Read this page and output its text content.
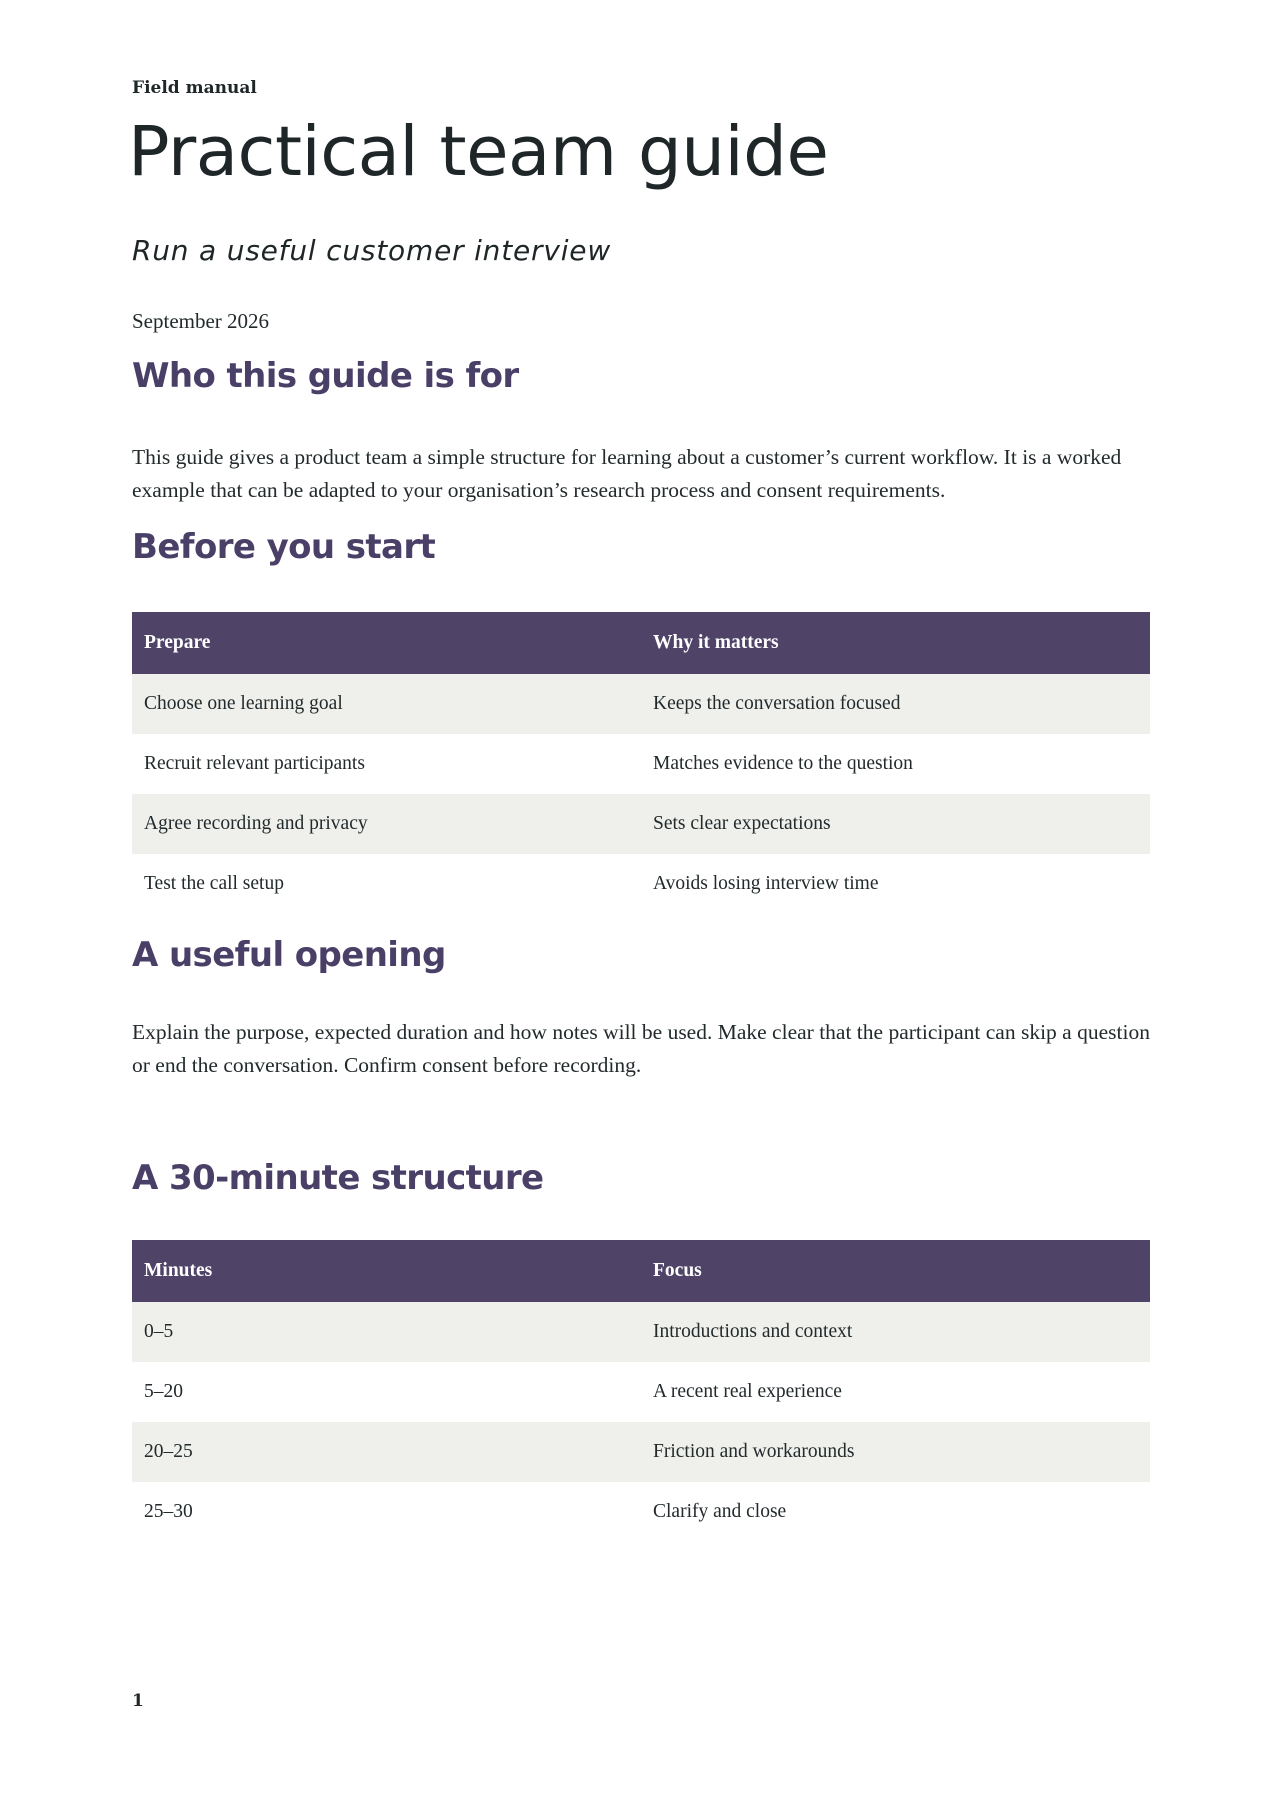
Field manual
Practical team guide
Run a useful customer interview
September 2026
Who this guide is for

This guide gives a product team a simple structure for learning about a customer’s current workflow. It is a worked example that can be adapted to your organisation’s research process and consent requirements.

Before you start
Prepare	Why it matters
Choose one learning goal	Keeps the conversation focused
Recruit relevant participants	Matches evidence to the question
Agree recording and privacy	Sets clear expectations
Test the call setup	Avoids losing interview time
A useful opening

Explain the purpose, expected duration and how notes will be used. Make clear that the participant can skip a question or end the conversation. Confirm consent before recording.

A 30-minute structure
Minutes	Focus
0–5	Introductions and context
5–20	A recent real experience
20–25	Friction and workarounds
25–30	Clarify and close
1
